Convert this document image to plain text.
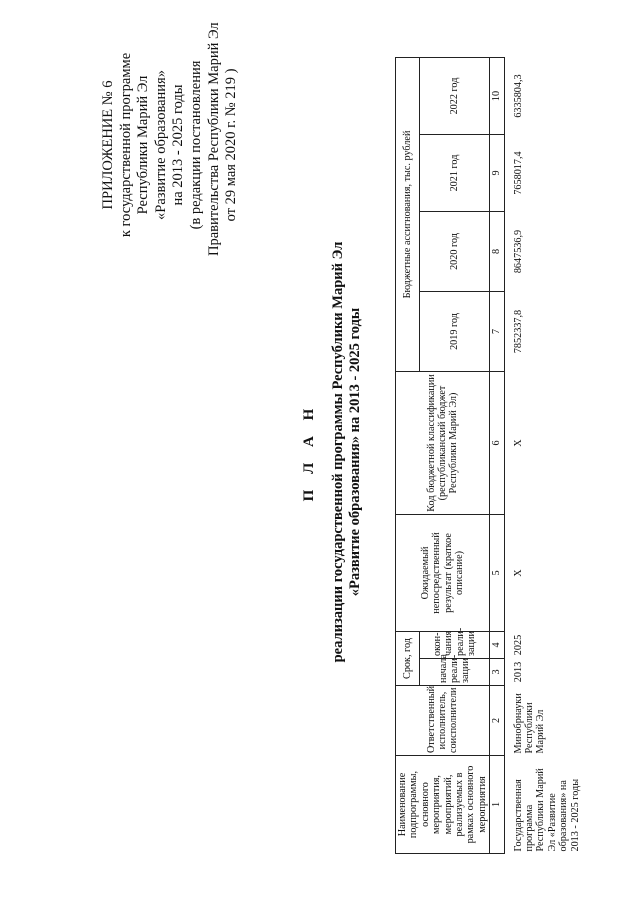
ПРИЛОЖЕНИЕ № 6 к государственной программе Республики Марий Эл «Развитие образования» на 2013 - 2025 годы (в редакции постановления Правительства Республики Марий Эл от 29 мая 2020 г. № 219 )
П Л А Н реализации государственной программы Республики Марий Эл «Развитие образования» на 2013 - 2025 годы
Наименование подпрограммы, основного мероприятия, мероприятий, реализуемых в рамках основного мероприятия	Ответственный исполнитель, соисполнители	Срок, год		Ожидаемый непосредственный результат (краткое описание)	Код бюджетной классификации (республиканский бюджет Республики Марий Эл)	Бюджетные ассигнования, тыс. рублей			
		начала реали-зации	окон-чания реали-зации			2019 год	2020 год	2021 год	2022 год
1	2	3	4	5	6	7	8	9	10
Государственная программа Республики Марий Эл «Развитие образования» на 2013 - 2025 годы	Минобрнауки Республики Марий Эл	2013	2025	Х	Х	7852337,8	8647536,9	7658017,4	6335804,3
